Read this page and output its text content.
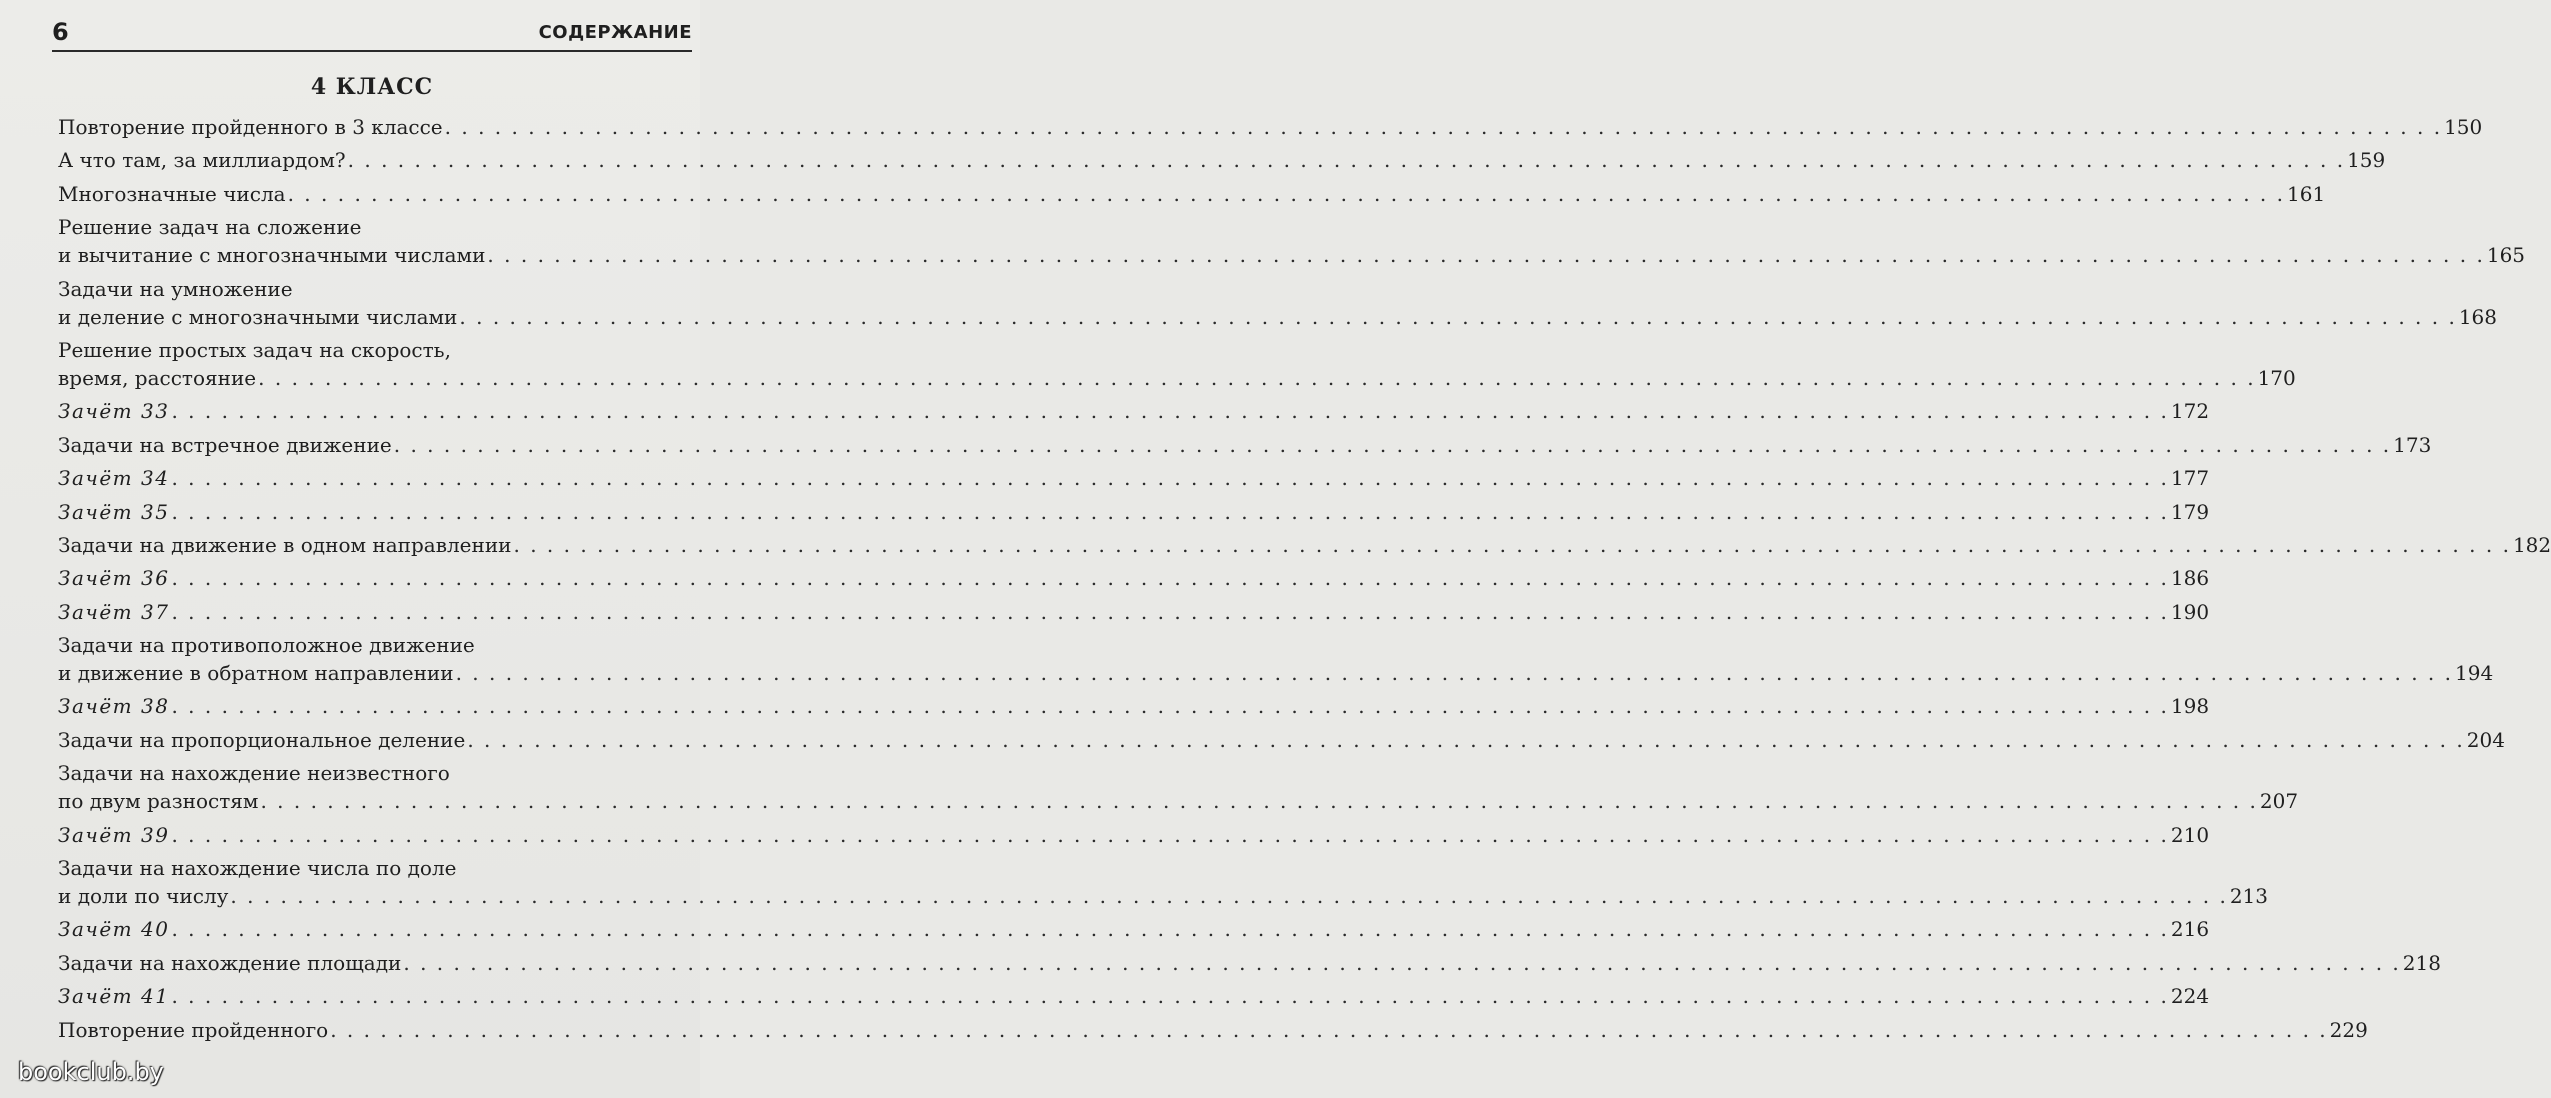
6	СОДЕРЖАНИЕ
4 КЛАСС
Повторение пройденного в 3 классе . . . . . . . . . . . . . . . . . . . . . . . . . . . . . . . . . . . . . . . . . . . . . . . . . . . . . . . . . . . . . . . . . . . . . . . . . . . . . . . . . . . . . . . . . . . . . . . . . . . . . . . . . . . . . . . . . . . . . . . . 150
А что там, за миллиардом? . . . . . . . . . . . . . . . . . . . . . . . . . . . . . . . . . . . . . . . . . . . . . . . . . . . . . . . . . . . . . . . . . . . . . . . . . . . . . . . . . . . . . . . . . . . . . . . . . . . . . . . . . . . . . . . . . . . . . . . . 159
Многозначные числа . . . . . . . . . . . . . . . . . . . . . . . . . . . . . . . . . . . . . . . . . . . . . . . . . . . . . . . . . . . . . . . . . . . . . . . . . . . . . . . . . . . . . . . . . . . . . . . . . . . . . . . . . . . . . . . . . . . . . . . . 161
Решение задач на сложение
и вычитание с многозначными числами . . . . . . . . . . . . . . . . . . . . . . . . . . . . . . . . . . . . . . . . . . . . . . . . . . . . . . . . . . . . . . . . . . . . . . . . . . . . . . . . . . . . . . . . . . . . . . . . . . . . . . . . . . . . . . . . . . . . . . . . 165
Задачи на умножение
и деление с многозначными числами . . . . . . . . . . . . . . . . . . . . . . . . . . . . . . . . . . . . . . . . . . . . . . . . . . . . . . . . . . . . . . . . . . . . . . . . . . . . . . . . . . . . . . . . . . . . . . . . . . . . . . . . . . . . . . . . . . . . . . . . 168
Решение простых задач на скорость,
время, расстояние . . . . . . . . . . . . . . . . . . . . . . . . . . . . . . . . . . . . . . . . . . . . . . . . . . . . . . . . . . . . . . . . . . . . . . . . . . . . . . . . . . . . . . . . . . . . . . . . . . . . . . . . . . . . . . . . . . . . . . . . 170
Зачёт 33 . . . . . . . . . . . . . . . . . . . . . . . . . . . . . . . . . . . . . . . . . . . . . . . . . . . . . . . . . . . . . . . . . . . . . . . . . . . . . . . . . . . . . . . . . . . . . . . . . . . . . . . . . . . . . . . . . . . . . . . . 172
Задачи на встречное движение . . . . . . . . . . . . . . . . . . . . . . . . . . . . . . . . . . . . . . . . . . . . . . . . . . . . . . . . . . . . . . . . . . . . . . . . . . . . . . . . . . . . . . . . . . . . . . . . . . . . . . . . . . . . . . . . . . . . . . . . 173
Зачёт 34 . . . . . . . . . . . . . . . . . . . . . . . . . . . . . . . . . . . . . . . . . . . . . . . . . . . . . . . . . . . . . . . . . . . . . . . . . . . . . . . . . . . . . . . . . . . . . . . . . . . . . . . . . . . . . . . . . . . . . . . . 177
Зачёт 35 . . . . . . . . . . . . . . . . . . . . . . . . . . . . . . . . . . . . . . . . . . . . . . . . . . . . . . . . . . . . . . . . . . . . . . . . . . . . . . . . . . . . . . . . . . . . . . . . . . . . . . . . . . . . . . . . . . . . . . . . 179
Задачи на движение в одном направлении . . . . . . . . . . . . . . . . . . . . . . . . . . . . . . . . . . . . . . . . . . . . . . . . . . . . . . . . . . . . . . . . . . . . . . . . . . . . . . . . . . . . . . . . . . . . . . . . . . . . . . . . . . . . . . . . . . . . . . . . 182
Зачёт 36 . . . . . . . . . . . . . . . . . . . . . . . . . . . . . . . . . . . . . . . . . . . . . . . . . . . . . . . . . . . . . . . . . . . . . . . . . . . . . . . . . . . . . . . . . . . . . . . . . . . . . . . . . . . . . . . . . . . . . . . . 186
Зачёт 37 . . . . . . . . . . . . . . . . . . . . . . . . . . . . . . . . . . . . . . . . . . . . . . . . . . . . . . . . . . . . . . . . . . . . . . . . . . . . . . . . . . . . . . . . . . . . . . . . . . . . . . . . . . . . . . . . . . . . . . . . 190
Задачи на противоположное движение
и движение в обратном направлении . . . . . . . . . . . . . . . . . . . . . . . . . . . . . . . . . . . . . . . . . . . . . . . . . . . . . . . . . . . . . . . . . . . . . . . . . . . . . . . . . . . . . . . . . . . . . . . . . . . . . . . . . . . . . . . . . . . . . . . . 194
Зачёт 38 . . . . . . . . . . . . . . . . . . . . . . . . . . . . . . . . . . . . . . . . . . . . . . . . . . . . . . . . . . . . . . . . . . . . . . . . . . . . . . . . . . . . . . . . . . . . . . . . . . . . . . . . . . . . . . . . . . . . . . . . 198
Задачи на пропорциональное деление . . . . . . . . . . . . . . . . . . . . . . . . . . . . . . . . . . . . . . . . . . . . . . . . . . . . . . . . . . . . . . . . . . . . . . . . . . . . . . . . . . . . . . . . . . . . . . . . . . . . . . . . . . . . . . . . . . . . . . . . 204
Задачи на нахождение неизвестного
по двум разностям . . . . . . . . . . . . . . . . . . . . . . . . . . . . . . . . . . . . . . . . . . . . . . . . . . . . . . . . . . . . . . . . . . . . . . . . . . . . . . . . . . . . . . . . . . . . . . . . . . . . . . . . . . . . . . . . . . . . . . . . 207
Зачёт 39 . . . . . . . . . . . . . . . . . . . . . . . . . . . . . . . . . . . . . . . . . . . . . . . . . . . . . . . . . . . . . . . . . . . . . . . . . . . . . . . . . . . . . . . . . . . . . . . . . . . . . . . . . . . . . . . . . . . . . . . . 210
Задачи на нахождение числа по доле
и доли по числу . . . . . . . . . . . . . . . . . . . . . . . . . . . . . . . . . . . . . . . . . . . . . . . . . . . . . . . . . . . . . . . . . . . . . . . . . . . . . . . . . . . . . . . . . . . . . . . . . . . . . . . . . . . . . . . . . . . . . . . . 213
Зачёт 40 . . . . . . . . . . . . . . . . . . . . . . . . . . . . . . . . . . . . . . . . . . . . . . . . . . . . . . . . . . . . . . . . . . . . . . . . . . . . . . . . . . . . . . . . . . . . . . . . . . . . . . . . . . . . . . . . . . . . . . . . 216
Задачи на нахождение площади . . . . . . . . . . . . . . . . . . . . . . . . . . . . . . . . . . . . . . . . . . . . . . . . . . . . . . . . . . . . . . . . . . . . . . . . . . . . . . . . . . . . . . . . . . . . . . . . . . . . . . . . . . . . . . . . . . . . . . . . 218
Зачёт 41 . . . . . . . . . . . . . . . . . . . . . . . . . . . . . . . . . . . . . . . . . . . . . . . . . . . . . . . . . . . . . . . . . . . . . . . . . . . . . . . . . . . . . . . . . . . . . . . . . . . . . . . . . . . . . . . . . . . . . . . . 224
Повторение пройденного . . . . . . . . . . . . . . . . . . . . . . . . . . . . . . . . . . . . . . . . . . . . . . . . . . . . . . . . . . . . . . . . . . . . . . . . . . . . . . . . . . . . . . . . . . . . . . . . . . . . . . . . . . . . . . . . . . . . . . . . 229
bookclub.by
